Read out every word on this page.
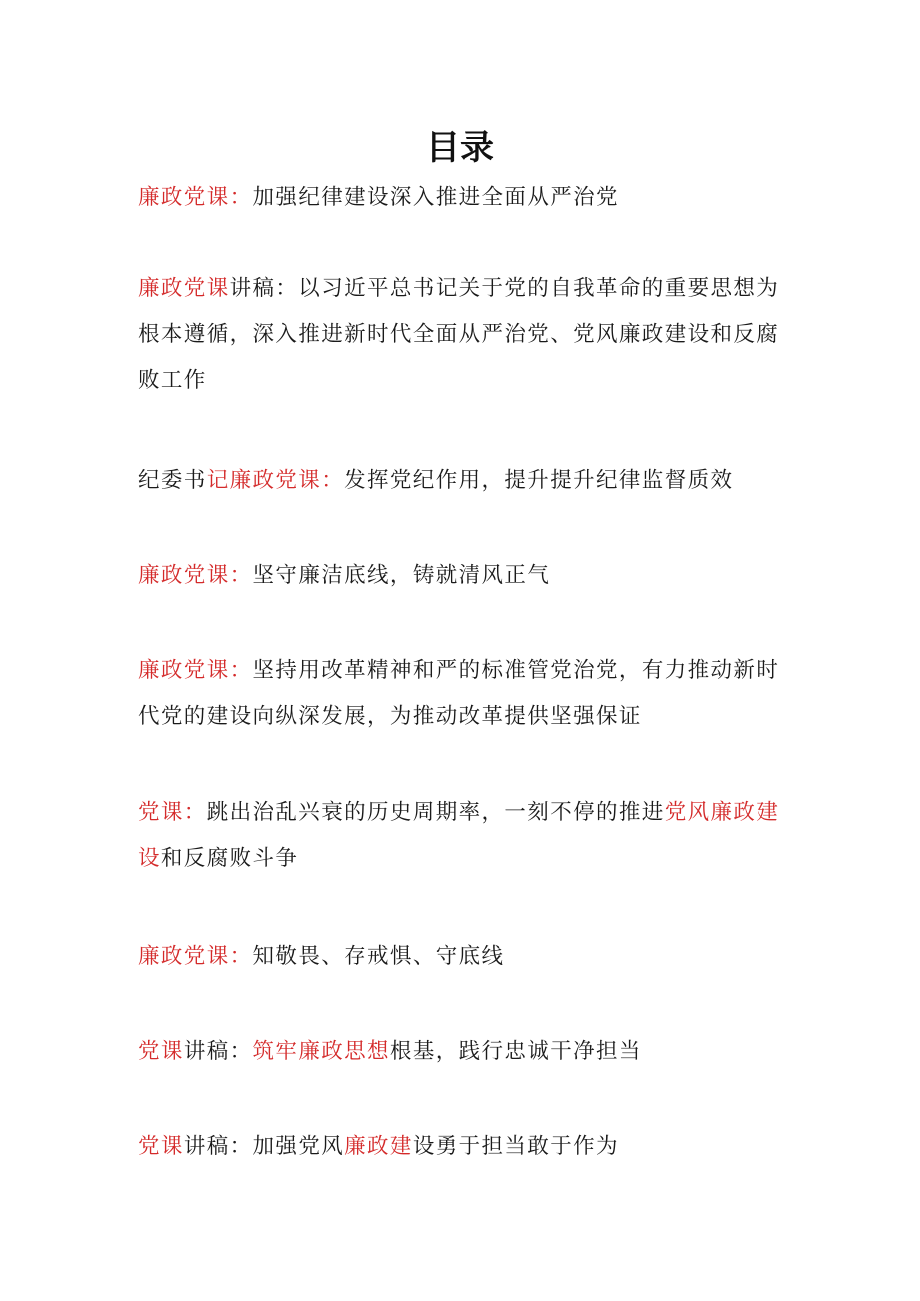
目录

廉政党课：加强纪律建设深入推进全面从严治党

廉政党课讲稿：以习近平总书记关于党的自我革命的重要思想为根本遵循，深入推进新时代全面从严治党、党风廉政建设和反腐败工作

纪委书记廉政党课：发挥党纪作用，提升提升纪律监督质效

廉政党课：坚守廉洁底线，铸就清风正气

廉政党课：坚持用改革精神和严的标准管党治党，有力推动新时代党的建设向纵深发展，为推动改革提供坚强保证

党课：跳出治乱兴衰的历史周期率，一刻不停的推进党风廉政建设和反腐败斗争

廉政党课：知敬畏、存戒惧、守底线

党课讲稿：筑牢廉政思想根基，践行忠诚干净担当

党课讲稿：加强党风廉政建设勇于担当敢于作为
